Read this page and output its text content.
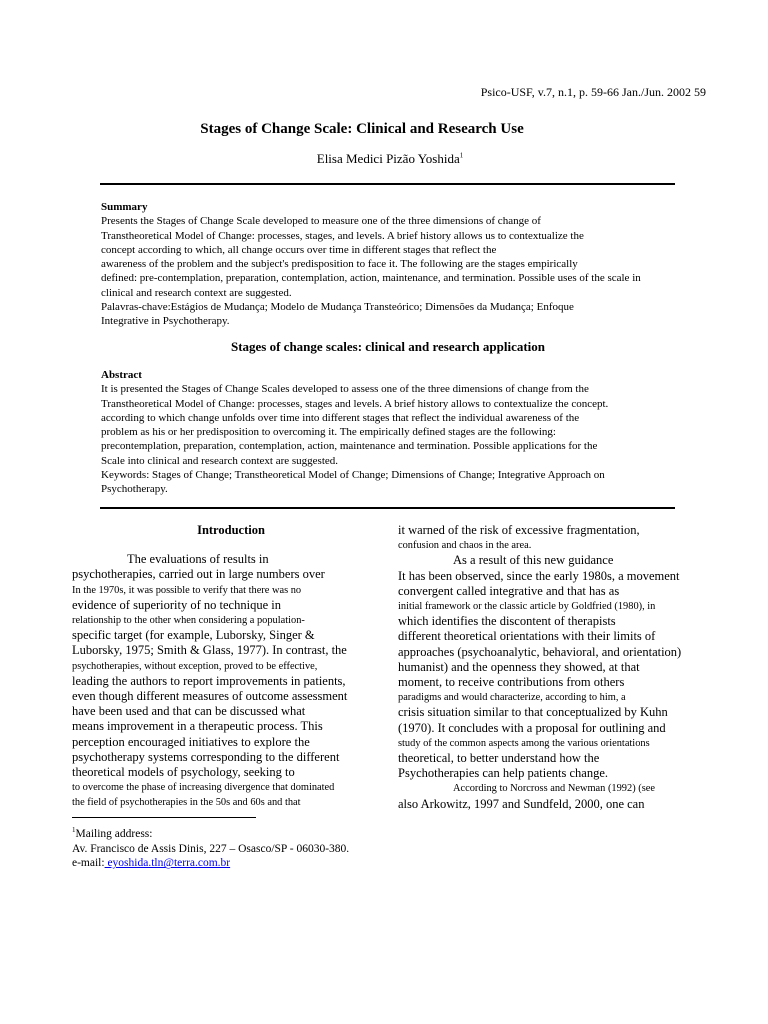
Psico-USF, v.7, n.1, p. 59-66 Jan./Jun. 2002 59
Stages of Change Scale: Clinical and Research Use
Elisa Medici Pizão Yoshida$^1$
Summary
Presents the Stages of Change Scale developed to measure one of the three dimensions of change of
Transtheoretical Model of Change: processes, stages, and levels. A brief history allows us to contextualize the
concept according to which, all change occurs over time in different stages that reflect the
awareness of the problem and the subject's predisposition to face it. The following are the stages empirically
defined: pre-contemplation, preparation, contemplation, action, maintenance, and termination. Possible uses of the scale in
clinical and research context are suggested.
Palavras-chave:Estágios de Mudança; Modelo de Mudança Transteórico; Dimensões da Mudança; Enfoque
Integrative in Psychotherapy.
Stages of change scales: clinical and research application
Abstract
It is presented the Stages of Change Scales developed to assess one of the three dimensions of change from the
Transtheoretical Model of Change: processes, stages and levels. A brief history allows to contextualize the concept.
according to which change unfolds over time into different stages that reflect the individual awareness of the
problem as his or her predisposition to overcoming it. The empirically defined stages are the following:
precontemplation, preparation, contemplation, action, maintenance and termination. Possible applications for the
Scale into clinical and research context are suggested.
Keywords: Stages of Change; Transtheoretical Model of Change; Dimensions of Change; Integrative Approach on
Psychotherapy.
Introduction
The evaluations of results in
psychotherapies, carried out in large numbers over
In the 1970s, it was possible to verify that there was no
evidence of superiority of no technique in
relationship to the other when considering a population-
specific target (for example, Luborsky, Singer &
Luborsky, 1975; Smith & Glass, 1977). In contrast, the
psychotherapies, without exception, proved to be effective,
leading the authors to report improvements in patients,
even though different measures of outcome assessment
have been used and that can be discussed what
means improvement in a therapeutic process. This
perception encouraged initiatives to explore the
psychotherapy systems corresponding to the different
theoretical models of psychology, seeking to
to overcome the phase of increasing divergence that dominated
the field of psychotherapies in the 50s and 60s and that
it warned of the risk of excessive fragmentation,
confusion and chaos in the area.
As a result of this new guidance
It has been observed, since the early 1980s, a movement
convergent called integrative and that has as
initial framework or the classic article by Goldfried (1980), in
which identifies the discontent of therapists
different theoretical orientations with their limits of
approaches (psychoanalytic, behavioral, and orientation)
humanist) and the openness they showed, at that
moment, to receive contributions from others
paradigms and would characterize, according to him, a
crisis situation similar to that conceptualized by Kuhn
(1970). It concludes with a proposal for outlining and
study of the common aspects among the various orientations
theoretical, to better understand how the
Psychotherapies can help patients change.
According to Norcross and Newman (1992) (see
also Arkowitz, 1997 and Sundfeld, 2000, one can
$^1$Mailing address:
Av. Francisco de Assis Dinis, 227 – Osasco/SP - 06030-380.
e-mail: eyoshida.tln@terra.com.br
